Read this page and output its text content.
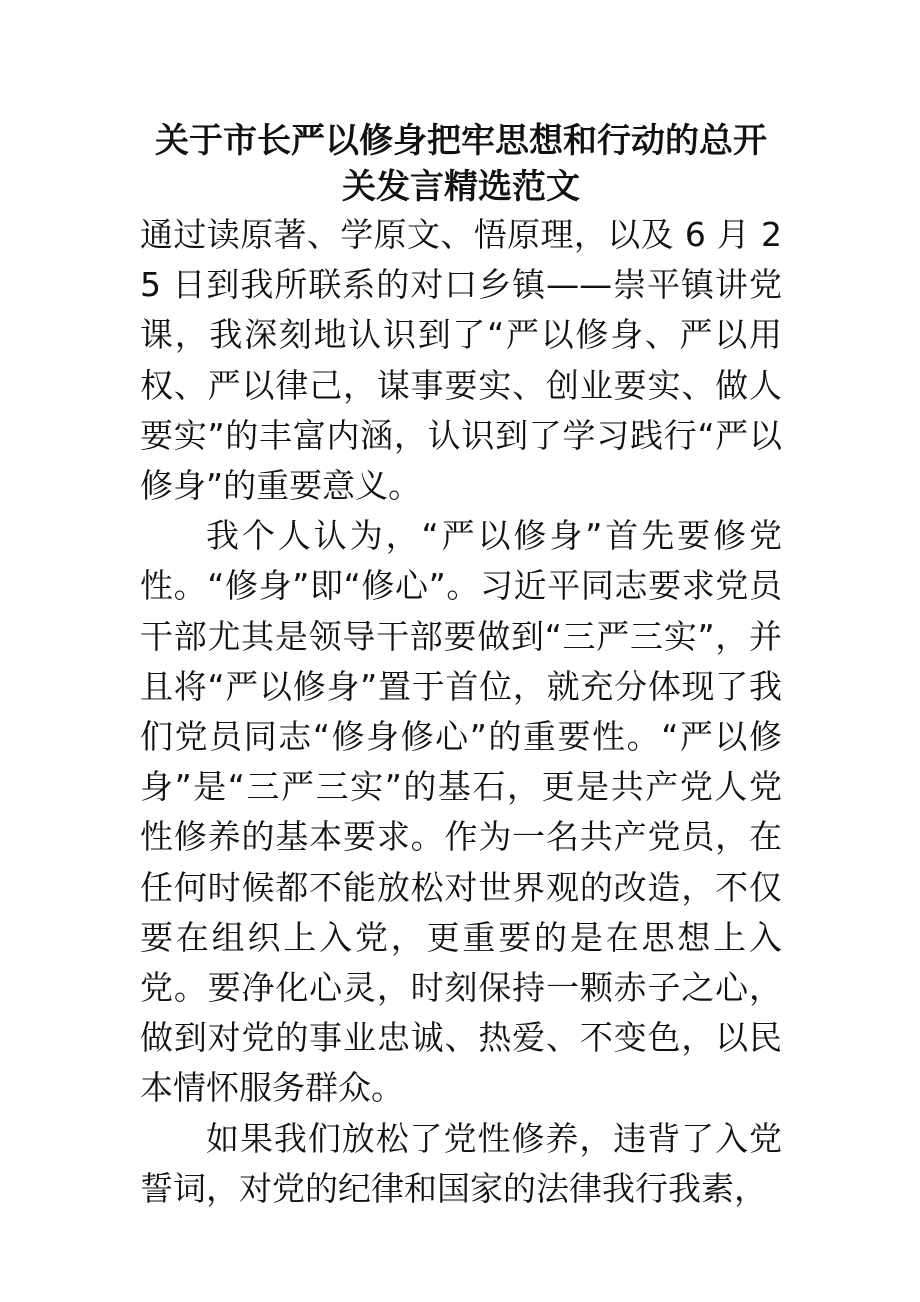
关于市长严以修身把牢思想和行动的总开
关发言精选范文

通过读原著、学原文、悟原理，以及 6 月 25 日到我所联系的对口乡镇——崇平镇讲党课，我深刻地认识到了“严以修身、严以用权、严以律己，谋事要实、创业要实、做人要实”的丰富内涵，认识到了学习践行“严以修身”的重要意义。

我个人认为，“严以修身”首先要修党性。“修身”即“修心”。习近平同志要求党员干部尤其是领导干部要做到“三严三实”，并且将“严以修身”置于首位，就充分体现了我们党员同志“修身修心”的重要性。“严以修身”是“三严三实”的基石，更是共产党人党性修养的基本要求。作为一名共产党员，在任何时候都不能放松对世界观的改造，不仅要在组织上入党，更重要的是在思想上入党。要净化心灵，时刻保持一颗赤子之心，做到对党的事业忠诚、热爱、不变色，以民本情怀服务群众。

如果我们放松了党性修养，违背了入党誓词，对党的纪律和国家的法律我行我素，
